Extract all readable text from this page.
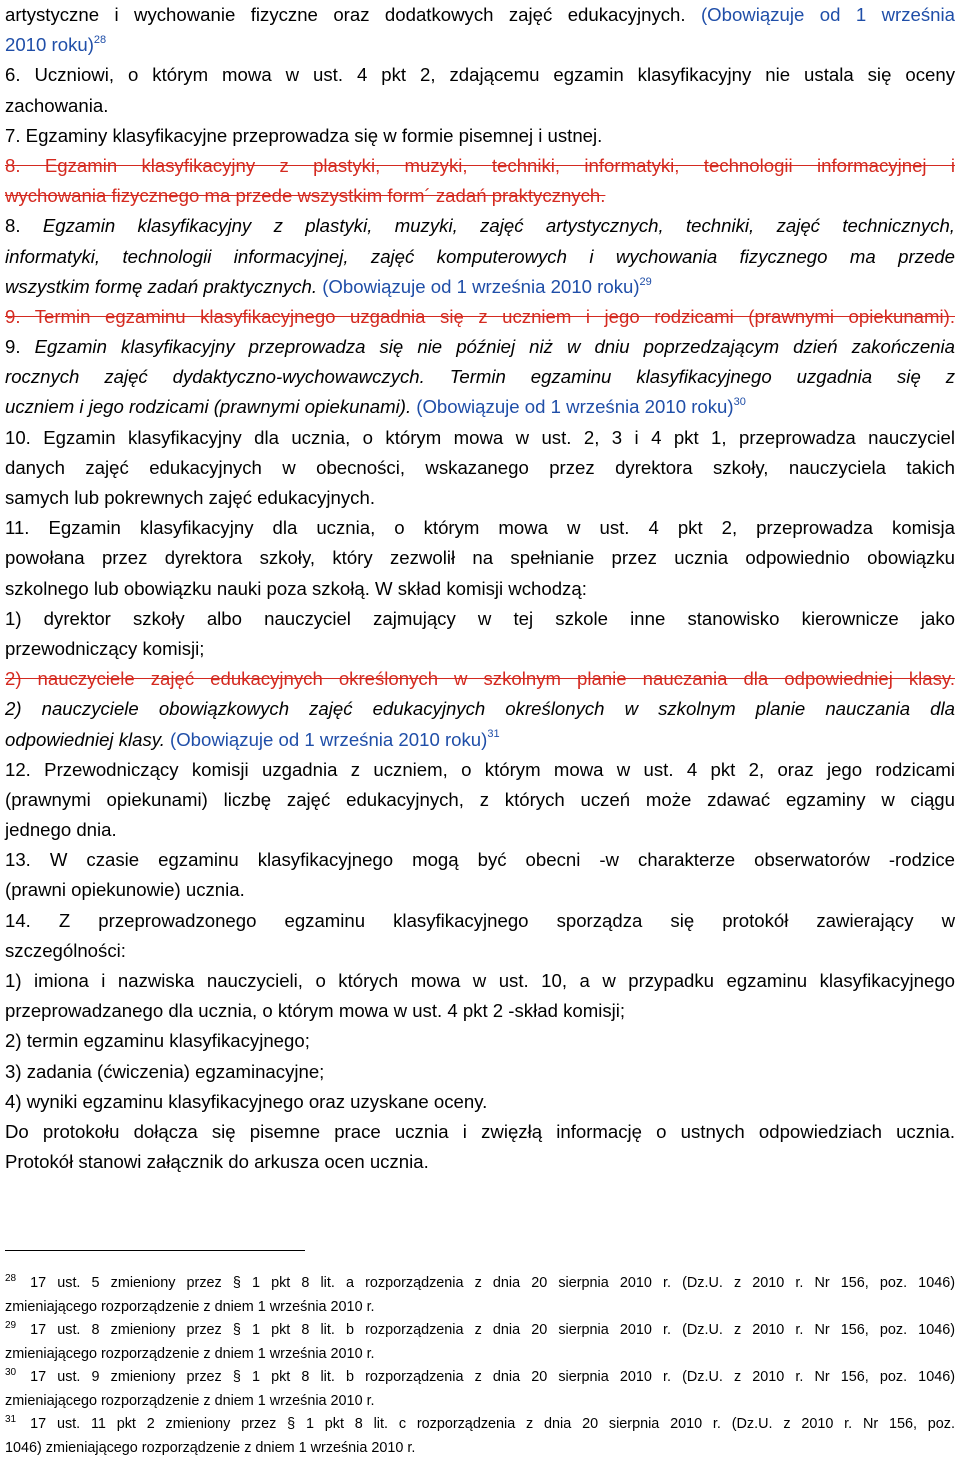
artystyczne i wychowanie fizyczne oraz dodatkowych zajęć edukacyjnych. (Obowiązuje od 1 września
2010 roku)$^{28}$
6. Uczniowi, o którym mowa w ust. 4 pkt 2, zdającemu egzamin klasyfikacyjny nie ustala się oceny
zachowania.
7. Egzaminy klasyfikacyjne przeprowadza się w formie pisemnej i ustnej.
8. Egzamin klasyfikacyjny z plastyki, muzyki, techniki, informatyki, technologii informacyjnej i
wychowania fizycznego ma przede wszystkim form´ zadań praktycznych.
8. Egzamin klasyfikacyjny z plastyki, muzyki, zajęć artystycznych, techniki, zajęć technicznych,
informatyki, technologii informacyjnej, zajęć komputerowych i wychowania fizycznego ma przede
wszystkim formę zadań praktycznych. (Obowiązuje od 1 września 2010 roku)$^{29}$
9. Termin egzaminu klasyfikacyjnego uzgadnia się z uczniem i jego rodzicami (prawnymi opiekunami).
9. Egzamin klasyfikacyjny przeprowadza się nie później niż w dniu poprzedzającym dzień zakończenia
rocznych zajęć dydaktyczno-wychowawczych. Termin egzaminu klasyfikacyjnego uzgadnia się z
uczniem i jego rodzicami (prawnymi opiekunami). (Obowiązuje od 1 września 2010 roku)$^{30}$
10. Egzamin klasyfikacyjny dla ucznia, o którym mowa w ust. 2, 3 i 4 pkt 1, przeprowadza nauczyciel
danych zajęć edukacyjnych w obecności, wskazanego przez dyrektora szkoły, nauczyciela takich
samych lub pokrewnych zajęć edukacyjnych.
11. Egzamin klasyfikacyjny dla ucznia, o którym mowa w ust. 4 pkt 2, przeprowadza komisja
powołana przez dyrektora szkoły, który zezwolił na spełnianie przez ucznia odpowiednio obowiązku
szkolnego lub obowiązku nauki poza szkołą. W skład komisji wchodzą:
1) dyrektor szkoły albo nauczyciel zajmujący w tej szkole inne stanowisko kierownicze jako
przewodniczący komisji;
2) nauczyciele zajęć edukacyjnych określonych w szkolnym planie nauczania dla odpowiedniej klasy.
2) nauczyciele obowiązkowych zajęć edukacyjnych określonych w szkolnym planie nauczania dla
odpowiedniej klasy. (Obowiązuje od 1 września 2010 roku)$^{31}$
12. Przewodniczący komisji uzgadnia z uczniem, o którym mowa w ust. 4 pkt 2, oraz jego rodzicami
(prawnymi opiekunami) liczbę zajęć edukacyjnych, z których uczeń może zdawać egzaminy w ciągu
jednego dnia.
13. W czasie egzaminu klasyfikacyjnego mogą być obecni -w charakterze obserwatorów -rodzice
(prawni opiekunowie) ucznia.
14. Z przeprowadzonego egzaminu klasyfikacyjnego sporządza się protokół zawierający w
szczególności:
1) imiona i nazwiska nauczycieli, o których mowa w ust. 10, a w przypadku egzaminu klasyfikacyjnego
przeprowadzanego dla ucznia, o którym mowa w ust. 4 pkt 2 -skład komisji;
2) termin egzaminu klasyfikacyjnego;
3) zadania (ćwiczenia) egzaminacyjne;
4) wyniki egzaminu klasyfikacyjnego oraz uzyskane oceny.
Do protokołu dołącza się pisemne prace ucznia i zwięzłą informację o ustnych odpowiedziach ucznia.
Protokół stanowi załącznik do arkusza ocen ucznia.
$^{28}$ 17 ust. 5 zmieniony przez § 1 pkt 8 lit. a rozporządzenia z dnia 20 sierpnia 2010 r. (Dz.U. z 2010 r. Nr 156, poz. 1046)
zmieniającego rozporządzenie z dniem 1 września 2010 r.
$^{29}$ 17 ust. 8 zmieniony przez § 1 pkt 8 lit. b rozporządzenia z dnia 20 sierpnia 2010 r. (Dz.U. z 2010 r. Nr 156, poz. 1046)
zmieniającego rozporządzenie z dniem 1 września 2010 r.
$^{30}$ 17 ust. 9 zmieniony przez § 1 pkt 8 lit. b rozporządzenia z dnia 20 sierpnia 2010 r. (Dz.U. z 2010 r. Nr 156, poz. 1046)
zmieniającego rozporządzenie z dniem 1 września 2010 r.
$^{31}$ 17 ust. 11 pkt 2 zmieniony przez § 1 pkt 8 lit. c rozporządzenia z dnia 20 sierpnia 2010 r. (Dz.U. z 2010 r. Nr 156, poz.
1046) zmieniającego rozporządzenie z dniem 1 września 2010 r.
